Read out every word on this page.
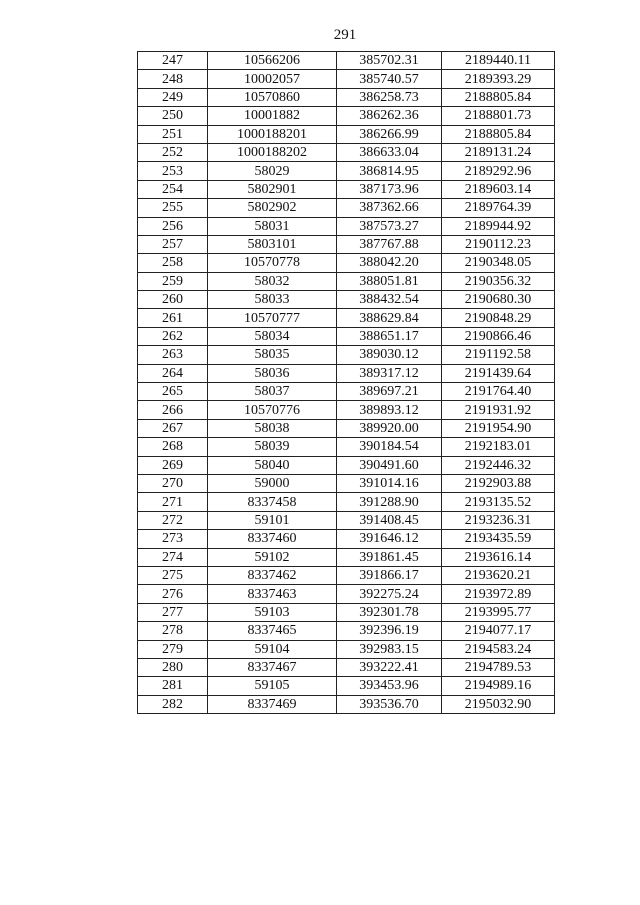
291
247	10566206	385702.31	2189440.11
248	10002057	385740.57	2189393.29
249	10570860	386258.73	2188805.84
250	10001882	386262.36	2188801.73
251	1000188201	386266.99	2188805.84
252	1000188202	386633.04	2189131.24
253	58029	386814.95	2189292.96
254	5802901	387173.96	2189603.14
255	5802902	387362.66	2189764.39
256	58031	387573.27	2189944.92
257	5803101	387767.88	2190112.23
258	10570778	388042.20	2190348.05
259	58032	388051.81	2190356.32
260	58033	388432.54	2190680.30
261	10570777	388629.84	2190848.29
262	58034	388651.17	2190866.46
263	58035	389030.12	2191192.58
264	58036	389317.12	2191439.64
265	58037	389697.21	2191764.40
266	10570776	389893.12	2191931.92
267	58038	389920.00	2191954.90
268	58039	390184.54	2192183.01
269	58040	390491.60	2192446.32
270	59000	391014.16	2192903.88
271	8337458	391288.90	2193135.52
272	59101	391408.45	2193236.31
273	8337460	391646.12	2193435.59
274	59102	391861.45	2193616.14
275	8337462	391866.17	2193620.21
276	8337463	392275.24	2193972.89
277	59103	392301.78	2193995.77
278	8337465	392396.19	2194077.17
279	59104	392983.15	2194583.24
280	8337467	393222.41	2194789.53
281	59105	393453.96	2194989.16
282	8337469	393536.70	2195032.90
